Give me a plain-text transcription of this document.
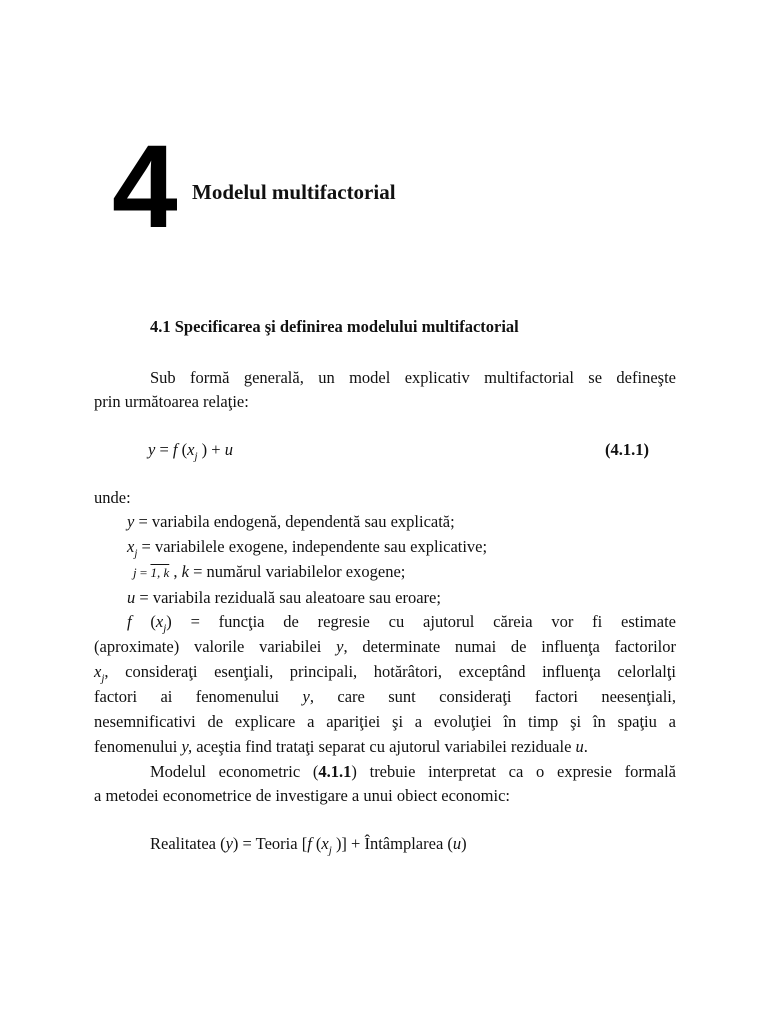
4 Modelul multifactorial
4.1 Specificarea şi definirea modelului multifactorial
Sub formă generală, un model explicativ multifactorial se defineşte
prin următoarea relaţie:
y = f ($x_j$ ) + u	(4.1.1)
unde:
y = variabila endogenă, dependentă sau explicată;
$x_j$ = variabilele exogene, independente sau explicative;
j = 1, k , k = numărul variabilelor exogene;
u = variabila reziduală sau aleatoare sau eroare;
f $(x_j)$ = funcţia de regresie cu ajutorul căreia vor fi estimate
(aproximate) valorile variabilei y, determinate numai de influenţa factorilor
$x_j$, consideraţi esenţiali, principali, hotărâtori, exceptând influenţa celorlalţi
factori ai fenomenului y, care sunt consideraţi factori neesenţiali,
nesemnificativi de explicare a apariţiei şi a evoluţiei în timp şi în spaţiu a
fenomenului y, aceştia find trataţi separat cu ajutorul variabilei reziduale u.
Modelul econometric (4.1.1) trebuie interpretat ca o expresie formală
a metodei econometrice de investigare a unui obiect economic:
Realitatea (y) = Teoria [f ($x_j$ )] + Întâmplarea (u)
